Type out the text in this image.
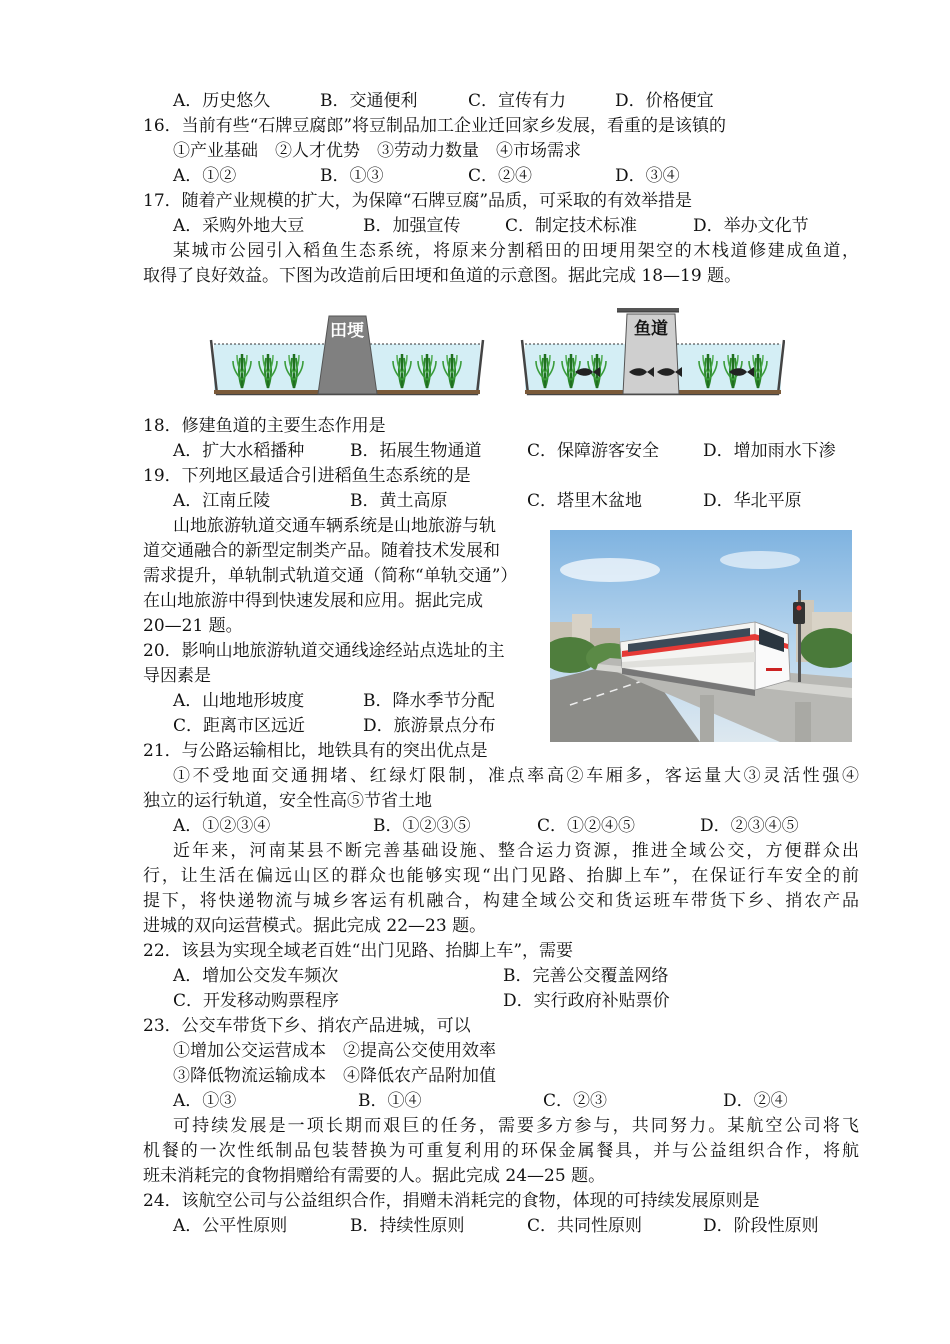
A．历史悠久	B．交通便利	C．宣传有力	D．价格便宜
16．当前有些“石牌豆腐郎”将豆制品加工企业迁回家乡发展，看重的是该镇的
①产业基础　②人才优势　③劳动力数量　④市场需求
A．①②	B．①③	C．②④	D．③④
17．随着产业规模的扩大，为保障“石牌豆腐”品质，可采取的有效举措是
A．采购外地大豆	B．加强宣传	C．制定技术标准	D．举办文化节
某城市公园引入稻鱼生态系统，将原来分割稻田的田埂用架空的木栈道修建成鱼道，
取得了良好效益。下图为改造前后田埂和鱼道的示意图。据此完成 18—19 题。
田埂	鱼道
18．修建鱼道的主要生态作用是
A．扩大水稻播种	B．拓展生物通道	C．保障游客安全	D．增加雨水下渗
19．下列地区最适合引进稻鱼生态系统的是
A．江南丘陵	B．黄土高原	C．塔里木盆地	D．华北平原
山地旅游轨道交通车辆系统是山地旅游与轨
道交通融合的新型定制类产品。随着技术发展和
需求提升，单轨制式轨道交通（简称“单轨交通”）
在山地旅游中得到快速发展和应用。据此完成
20—21 题。
20．影响山地旅游轨道交通线途经站点选址的主
导因素是
A．山地地形坡度	B．降水季节分配
C．距离市区远近	D．旅游景点分布
21．与公路运输相比，地铁具有的突出优点是
①不受地面交通拥堵、红绿灯限制，准点率高②车厢多，客运量大③灵活性强④
独立的运行轨道，安全性高⑤节省土地
A．①②③④	B．①②③⑤	C．①②④⑤	D．②③④⑤
近年来，河南某县不断完善基础设施、整合运力资源，推进全域公交，方便群众出
行，让生活在偏远山区的群众也能够实现“出门见路、抬脚上车”，在保证行车安全的前
提下，将快递物流与城乡客运有机融合，构建全域公交和货运班车带货下乡、捎农产品
进城的双向运营模式。据此完成 22—23 题。
22．该县为实现全域老百姓“出门见路、抬脚上车”，需要
A．增加公交发车频次	B．完善公交覆盖网络
C．开发移动购票程序	D．实行政府补贴票价
23．公交车带货下乡、捎农产品进城，可以
①增加公交运营成本　②提高公交使用效率
③降低物流运输成本　④降低农产品附加值
A．①③	B．①④	C．②③	D．②④
可持续发展是一项长期而艰巨的任务，需要多方参与，共同努力。某航空公司将飞
机餐的一次性纸制品包装替换为可重复利用的环保金属餐具，并与公益组织合作，将航
班未消耗完的食物捐赠给有需要的人。据此完成 24—25 题。
24．该航空公司与公益组织合作，捐赠未消耗完的食物，体现的可持续发展原则是
A．公平性原则	B．持续性原则	C．共同性原则	D．阶段性原则
